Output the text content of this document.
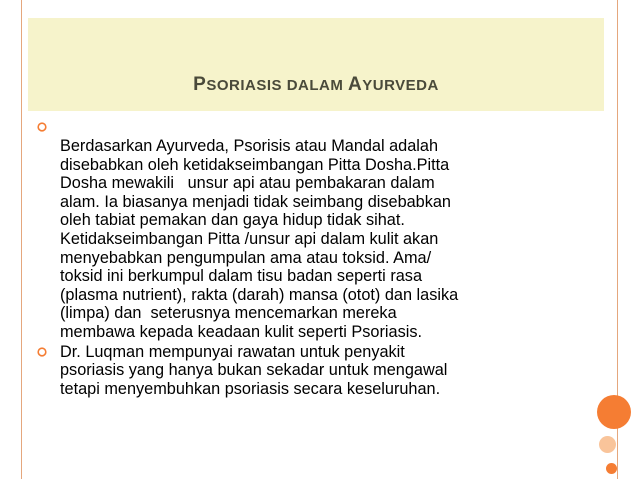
PSORIASIS DALAM AYURVEDA
Berdasarkan Ayurveda, Psorisis atau Mandal adalah
disebabkan oleh ketidakseimbangan Pitta Dosha.Pitta
Dosha mewakili   unsur api atau pembakaran dalam
alam. Ia biasanya menjadi tidak seimbang disebabkan
oleh tabiat pemakan dan gaya hidup tidak sihat.
Ketidakseimbangan Pitta /unsur api dalam kulit akan
menyebabkan pengumpulan ama atau toksid. Ama/
toksid ini berkumpul dalam tisu badan seperti rasa
(plasma nutrient), rakta (darah) mansa (otot) dan lasika
(limpa) dan  seterusnya mencemarkan mereka
membawa kepada keadaan kulit seperti Psoriasis.
Dr. Luqman mempunyai rawatan untuk penyakit
psoriasis yang hanya bukan sekadar untuk mengawal
tetapi menyembuhkan psoriasis secara keseluruhan.
